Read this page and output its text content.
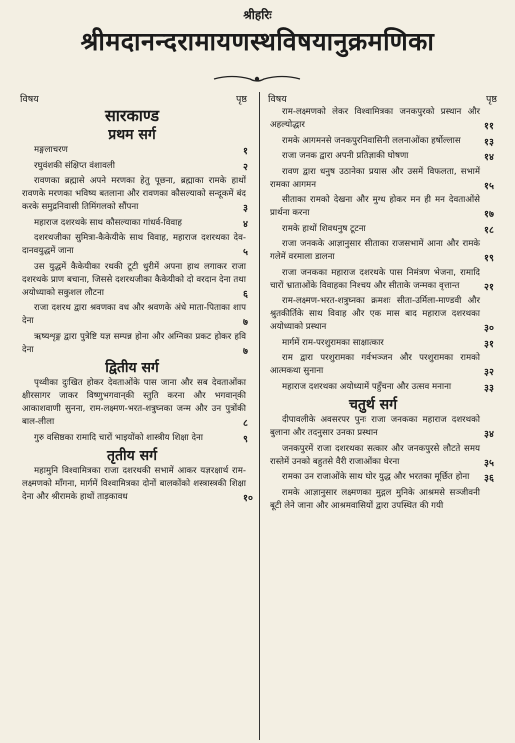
श्रीहरिः
श्रीमदानन्दरामायणस्थविषयानुक्रमणिका
विषय	पृष्ठ विषय	पृष्ठ
सारकाण्ड
प्रथम सर्ग
मङ्गलाचरण
रघुवंशकी संक्षिप्त वंशावली
रावणका ब्रह्मासे अपने मरणका हेतु पूछना, ब्रह्माका रामके हाथों रावणके मरणका भविष्य बतलाना और रावणका कौसल्याको सन्दूकमें बंद करके समुद्रनिवासी तिमिंगलको सौंपना
महाराज दशरथके साथ कौसल्याका गांधर्व-विवाह
दशरथजीका सुमित्रा-कैकेयीके साथ विवाह, महाराज दशरथका देव-दानवयुद्धमें जाना
उस युद्धमें कैकेयीका रथकी टूटी धुरीमें अपना हाथ लगाकर राजा दशरथके प्राण बचाना, जिससे दशरथजीका कैकेयीको दो वरदान देना तथा अयोध्याको सकुशल लौटना
राजा दशरथ द्वारा श्रवणका वध और श्रवणके अंधे माता-पिताका शाप देना
ऋष्यशृङ्ग द्वारा पुत्रेष्टि यज्ञ सम्पन्न होना और अग्निका प्रकट होकर हवि देना
द्वितीय सर्ग
पृथ्वीका दुःखित होकर देवताओंके पास जाना और सब देवताओंका क्षीरसागर जाकर विष्णुभगवान्‌की स्तुति करना और भगवान्‌की आकाशवाणी सुनना, राम-लक्ष्मण-भरत-शत्रुघ्नका जन्म और उन पुत्रोंकी बाल-लीला
गुरु वसिष्ठका रामादि चारों भाइयोंको शास्त्रीय शिक्षा देना
तृतीय सर्ग
महामुनि विश्वामित्रका राजा दशरथकी सभामें आकर यज्ञरक्षार्थ राम-लक्ष्मणको माँगना, मार्गमें विश्वामित्रका दोनों बालकोंको शस्त्रास्त्रकी शिक्षा देना और श्रीरामके हाथों ताड़कावध
१
२
३
४
५
६
७
७
८
९
१०
राम-लक्ष्मणको लेकर विश्वामित्रका जनकपुरको प्रस्थान और अहल्योद्धार
रामके आगमनसे जनकपुरनिवासिनी ललनाओंका हर्षोल्लास
राजा जनक द्वारा अपनी प्रतिज्ञाकी घोषणा
रावण द्वारा धनुष उठानेका प्रयास और उसमें विफलता, सभामें रामका आगमन
सीताका रामको देखना और मुग्ध होकर मन ही मन देवताओंसे प्रार्थना करना
रामके हाथों शिवधनुष टूटना
राजा जनकके आज्ञानुसार सीताका राजसभामें आना और रामके गलेमें वरमाला डालना
राजा जनकका महाराज दशरथके पास निमंत्रण भेजना, रामादि चारों भ्राताओंके विवाहका निश्चय और सीताके जन्मका वृत्तान्त
राम-लक्ष्मण-भरत-शत्रुघ्नका क्रमशः सीता-उर्मिला-माण्डवी और श्रुतकीर्तिके साथ विवाह और एक मास बाद महाराज दशरथका अयोध्याको प्रस्थान
मार्गमें राम-परशुरामका साक्षात्कार
राम द्वारा परशुरामका गर्वभञ्जन और परशुरामका रामको आत्मकथा सुनाना
महाराज दशरथका अयोध्यामें पहुँचना और उत्सव मनाना
चतुर्थ सर्ग
दीपावलीके अवसरपर पुनः राजा जनकका महाराज दशरथको बुलाना और तदनुसार उनका प्रस्थान
जनकपुरमें राजा दशरथका सत्कार और जनकपुरसे लौटते समय रास्तेमें उनको बहुतसे वैरी राजाओंका घेरना
रामका उन राजाओंके साथ घोर युद्ध और भरतका मूर्छित होना
रामके आज्ञानुसार लक्ष्मणका मुद्गल मुनिके आश्रमसे सञ्जीवनी बूटी लेने जाना और आश्रमवासियों द्वारा उपस्थित की गयी
११
१३
१४
१५
१७
१८
१९
२१
३०
३१
३२
३३
३४
३५
३६
